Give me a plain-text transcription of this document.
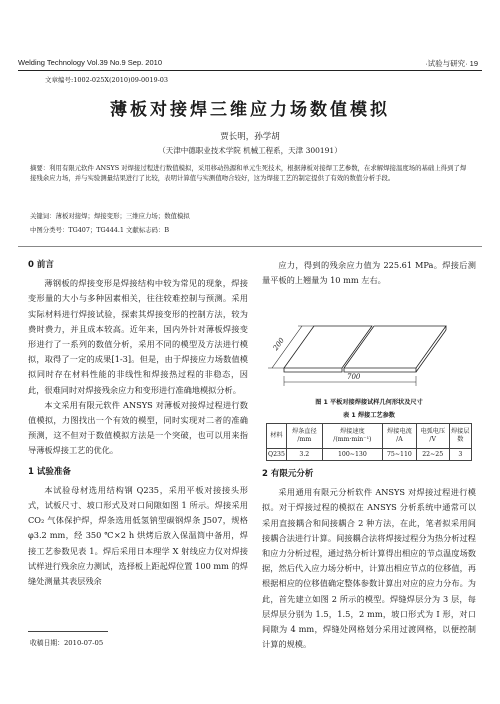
Welding Technology Vol.39 No.9 Sep. 2010	·试验与研究· 19
文章编号:1002-025X(2010)09-0019-03
薄板对接焊三维应力场数值模拟
贾长明，孙学胡
（天津中德职业技术学院 机械工程系，天津 300191）
摘要：利用有限元软件 ANSYS 对焊接过程进行数值模拟，采用移动热源和单元生死技术，根据薄板对接焊工艺参数，在求解焊接温度场的基础上得到了焊接残余应力场，并与实验测量结果进行了比较，表明计算值与实测值吻合较好，这为焊接工艺的制定提供了有效的数值分析手段。
关键词：薄板对接焊；焊接变形；三维应力场；数值模拟
中图分类号：TG407；TG444.1 文献标志码：B
0 前言

薄钢板的焊接变形是焊接结构中较为常见的现象，焊接变形量的大小与多种因素相关，往往较难控制与预测。采用实际材料进行焊接试验，探索其焊接变形的控制方法，较为费时费力，并且成本较高。近年来，国内外针对薄板焊接变形进行了一系列的数值分析，采用不同的模型及方法进行模拟，取得了一定的成果[1-3]。但是，由于焊接应力场数值模拟同时存在材料性能的非线性和焊接热过程的非稳态，因此，很难同时对焊接残余应力和变形进行准确地模拟分析。

本文采用有限元软件 ANSYS 对薄板对接焊过程进行数值模拟，力图找出一个有效的模型，同时实现对二者的准确预测，这不但对于数值模拟方法是一个突破，也可以用来指导薄板焊接工艺的优化。

1 试验准备

本试验母材选用结构钢 Q235，采用平板对接接头形式，试板尺寸、坡口形式及对口间隙如图 1 所示。焊接采用 CO₂ 气体保护焊，焊条选用低氢钠型碳钢焊条 J507，规格 φ3.2 mm，经 350 ℃×2 h 烘烤后放入保温筒中备用，焊接工艺参数见表 1。焊后采用日本理学 X 射线应力仪对焊接试样进行残余应力测试，选择板上距起焊位置 100 mm 的焊缝处测量其表层残余

应力，得到的残余应力值为 225.61 MPa。焊接后测量平板的上翘量为 10 mm 左右。

700
200
图 1 平板对接焊接试样几何形状及尺寸
表 1 焊接工艺参数
材料	焊条直径 /mm	焊接速度 /(mm·min⁻¹)	焊接电流 /A	电弧电压 /V	焊接层数
Q235	3.2	100~130	75~110	22~25	3
2 有限元分析

采用通用有限元分析软件 ANSYS 对焊接过程进行模拟。对于焊接过程的模拟在 ANSYS 分析系统中通常可以采用直接耦合和间接耦合 2 种方法，在此，笔者拟采用间接耦合法进行计算。间接耦合法将焊接过程分为热分析过程和应力分析过程，通过热分析计算得出相应的节点温度场数据，然后代入应力场分析中，计算出相应节点的位移值，再根据相应的位移值确定整体参数计算出对应的应力分布。为此，首先建立如图 2 所示的模型。焊缝焊层分为 3 层，每层焊层分别为 1.5，1.5，2 mm，坡口形式为 I 形，对口间隙为 4 mm，焊缝处网格划分采用过渡网格，以便控制计算的规模。

收稿日期：2010-07-05
